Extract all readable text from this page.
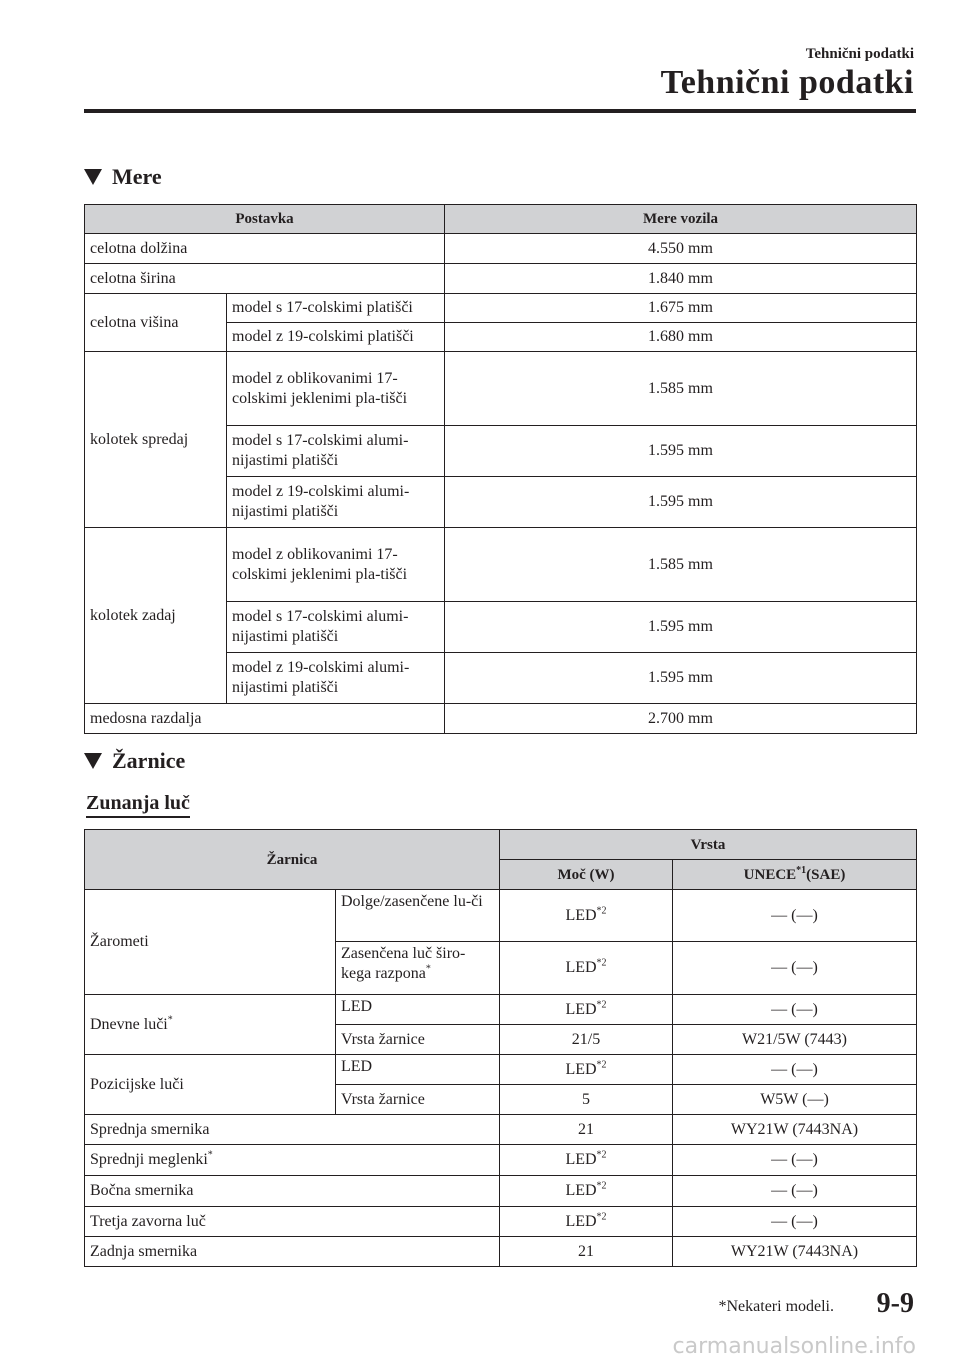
Tehnični podatki
Tehnični podatki
Mere
Postavka		Mere vozila
celotna dolžina		4.550 mm
celotna širina		1.840 mm
celotna višina	model s 17-colskimi platišči	1.675 mm
	model z 19-colskimi platišči	1.680 mm
kolotek spredaj	model z oblikovanimi 17-colskimi jeklenimi pla-tišči	1.585 mm
	model s 17-colskimi alumi-nijastimi platišči	1.595 mm
	model z 19-colskimi alumi-nijastimi platišči	1.595 mm
kolotek zadaj	model z oblikovanimi 17-colskimi jeklenimi pla-tišči	1.585 mm
	model s 17-colskimi alumi-nijastimi platišči	1.595 mm
	model z 19-colskimi alumi-nijastimi platišči	1.595 mm
medosna razdalja		2.700 mm
Žarnice
Zunanja luč
Žarnica		Vrsta	
		Moč (W)	UNECE$^{*1}$(SAE)
Žarometi	Dolge/zasenčene lu-či	LED$^{*2}$	— (—)
	Zasenčena luč širo-kega razpona*	LED$^{*2}$	— (—)
Dnevne luči*	LED	LED$^{*2}$	— (—)
	Vrsta žarnice	21/5	W21/5W (7443)
Pozicijske luči	LED	LED$^{*2}$	— (—)
	Vrsta žarnice	5	W5W (—)
Sprednja smernika		21	WY21W (7443NA)
Sprednji meglenki*		LED$^{*2}$	— (—)
Bočna smernika		LED$^{*2}$	— (—)
Tretja zavorna luč		LED$^{*2}$	— (—)
Zadnja smernika		21	WY21W (7443NA)
*Nekateri modeli. 9-9
carmanualsonline.info
